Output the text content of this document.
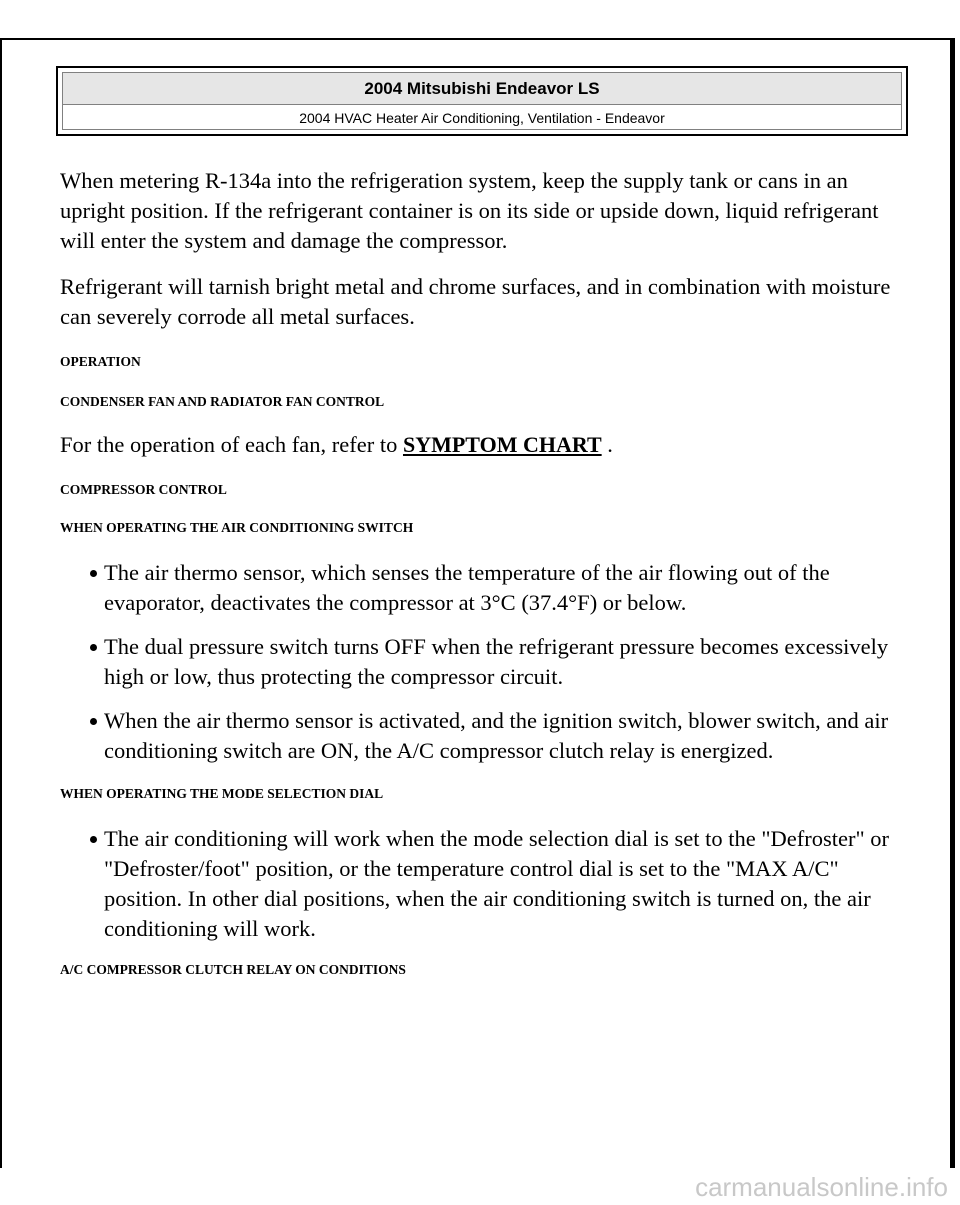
2004 Mitsubishi Endeavor LS
2004 HVAC Heater Air Conditioning, Ventilation - Endeavor

When metering R-134a into the refrigeration system, keep the supply tank or cans in an upright position. If the refrigerant container is on its side or upside down, liquid refrigerant will enter the system and damage the compressor.

Refrigerant will tarnish bright metal and chrome surfaces, and in combination with moisture can severely corrode all metal surfaces.

OPERATION

CONDENSER FAN AND RADIATOR FAN CONTROL

For the operation of each fan, refer to SYMPTOM CHART .

COMPRESSOR CONTROL

WHEN OPERATING THE AIR CONDITIONING SWITCH

The air thermo sensor, which senses the temperature of the air flowing out of the evaporator, deactivates the compressor at 3°C (37.4°F) or below.
The dual pressure switch turns OFF when the refrigerant pressure becomes excessively high or low, thus protecting the compressor circuit.
When the air thermo sensor is activated, and the ignition switch, blower switch, and air conditioning switch are ON, the A/C compressor clutch relay is energized.

WHEN OPERATING THE MODE SELECTION DIAL

The air conditioning will work when the mode selection dial is set to the "Defroster" or "Defroster/foot" position, or the temperature control dial is set to the "MAX A/C" position. In other dial positions, when the air conditioning switch is turned on, the air conditioning will work.

A/C COMPRESSOR CLUTCH RELAY ON CONDITIONS

carmanualsonline.info
